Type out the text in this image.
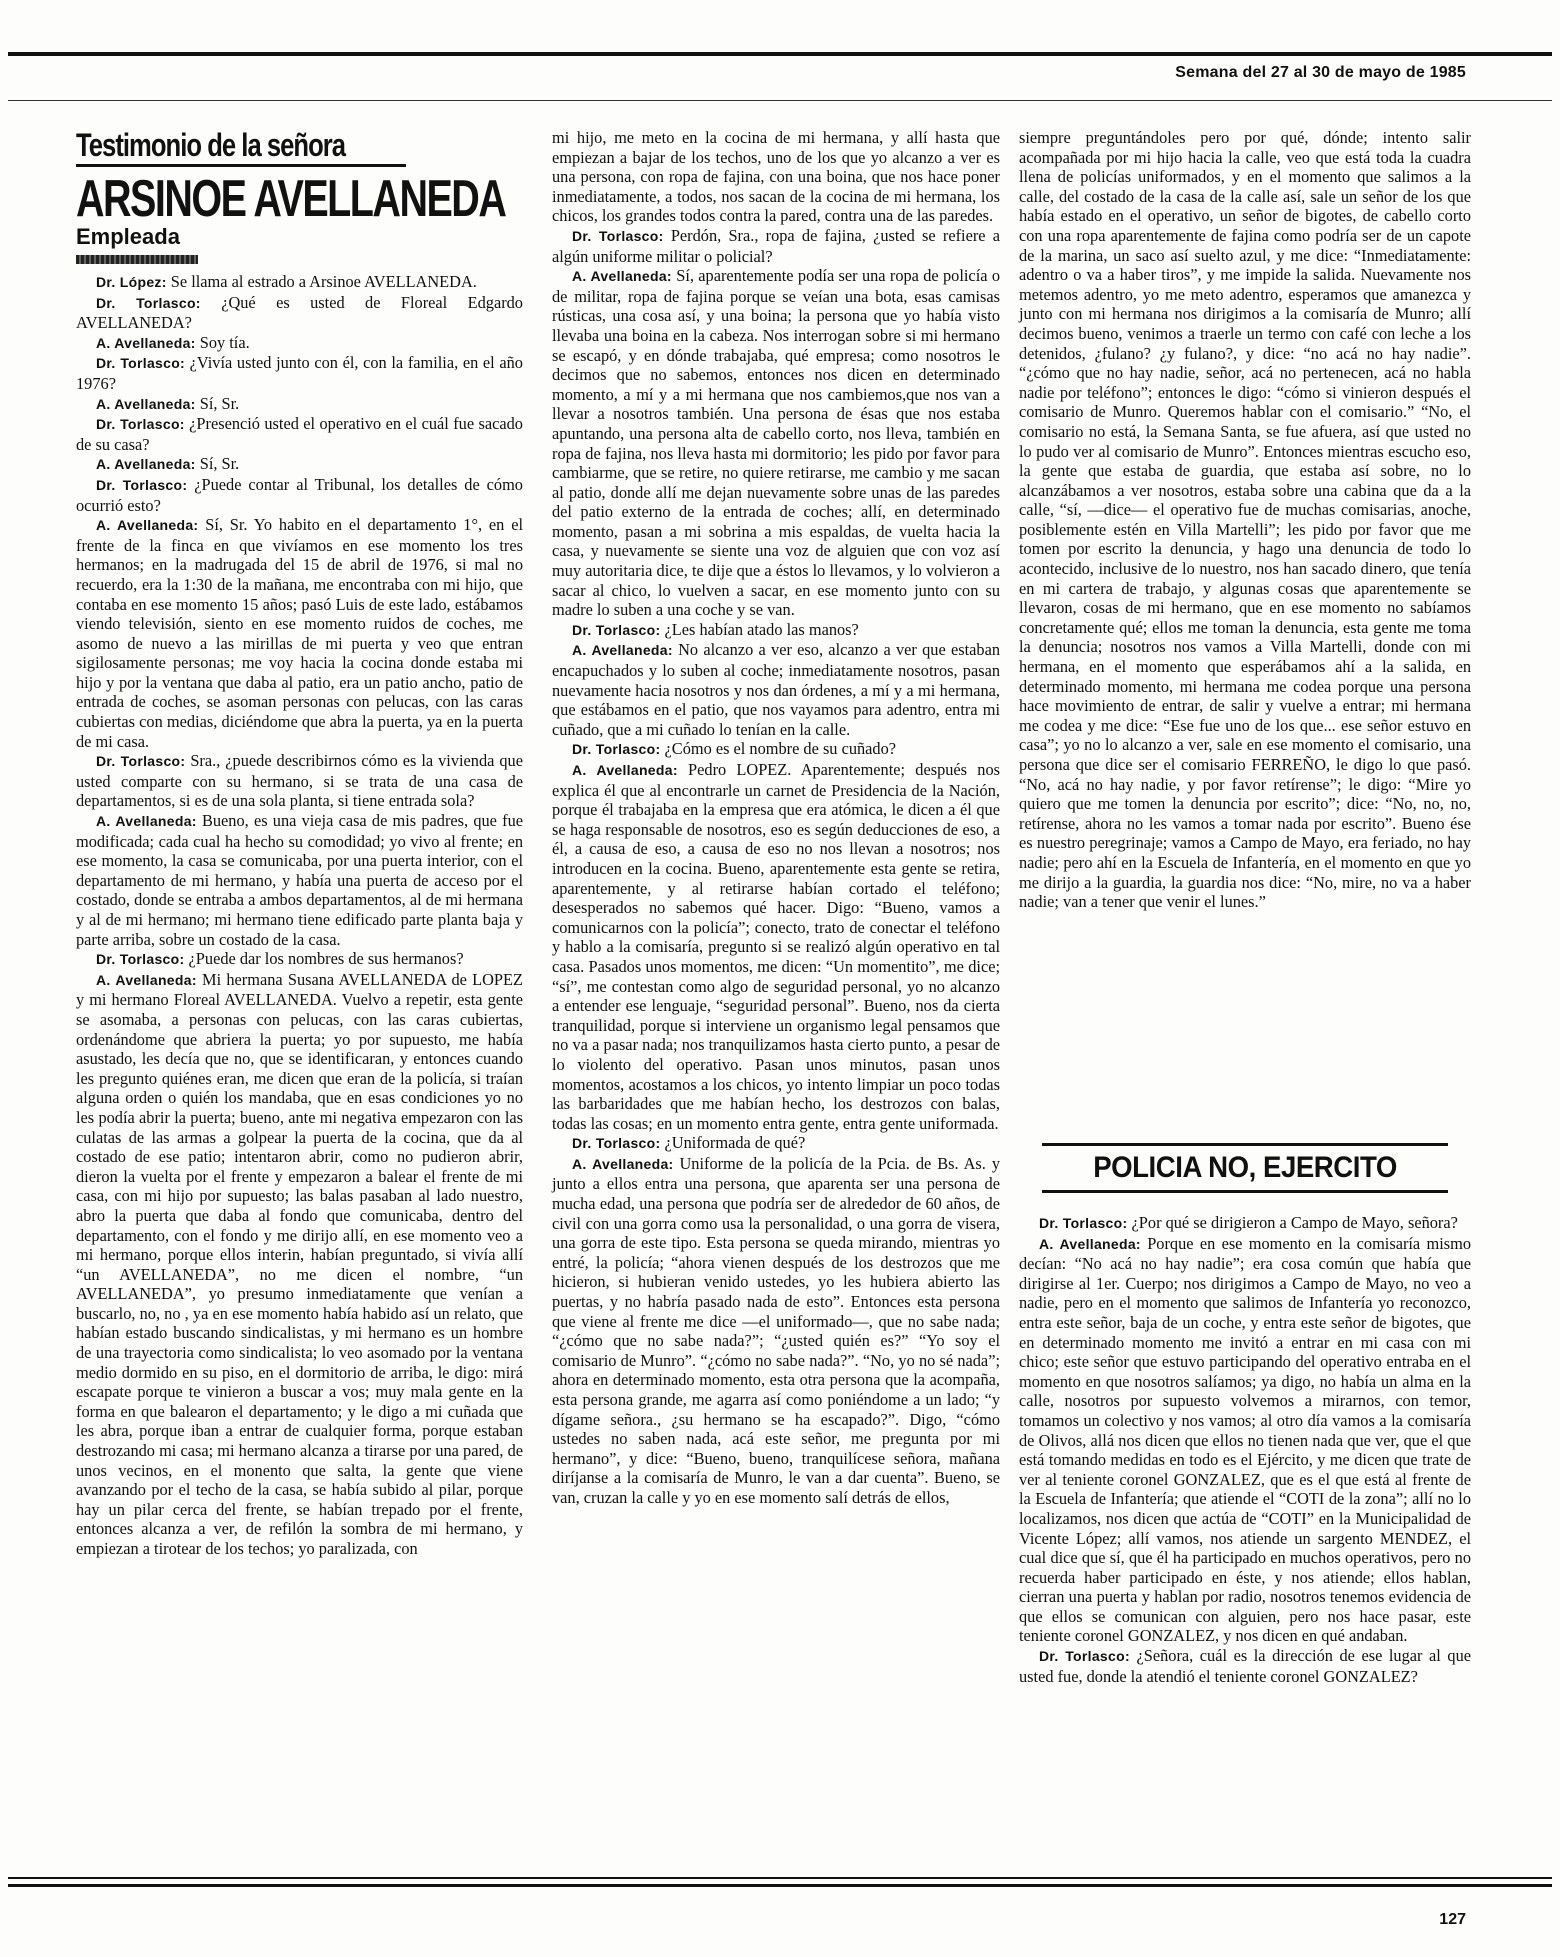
Semana del 27 al 30 de mayo de 1985
Testimonio de la señora
ARSINOE AVELLANEDA
Empleada

Dr. López: Se llama al estrado a Arsinoe AVELLANEDA.

Dr. Torlasco: ¿Qué es usted de Floreal Edgardo AVELLANEDA?

A. Avellaneda: Soy tía.

Dr. Torlasco: ¿Vivía usted junto con él, con la familia, en el año 1976?

A. Avellaneda: Sí, Sr.

Dr. Torlasco: ¿Presenció usted el operativo en el cuál fue sacado de su casa?

A. Avellaneda: Sí, Sr.

Dr. Torlasco: ¿Puede contar al Tribunal, los detalles de cómo ocurrió esto?

A. Avellaneda: Sí, Sr. Yo habito en el departamento 1°, en el frente de la finca en que vivíamos en ese momento los tres hermanos; en la madrugada del 15 de abril de 1976, si mal no recuerdo, era la 1:30 de la mañana, me encontraba con mi hijo, que contaba en ese momento 15 años; pasó Luis de este lado, estábamos viendo televisión, siento en ese momento ruidos de coches, me asomo de nuevo a las mirillas de mi puerta y veo que entran sigilosamente personas; me voy hacia la cocina donde estaba mi hijo y por la ventana que daba al patio, era un patio ancho, patio de entrada de coches, se asoman personas con pelucas, con las caras cubiertas con medias, diciéndome que abra la puerta, ya en la puerta de mi casa.

Dr. Torlasco: Sra., ¿puede describirnos cómo es la vivienda que usted comparte con su hermano, si se trata de una casa de departamentos, si es de una sola planta, si tiene entrada sola?

A. Avellaneda: Bueno, es una vieja casa de mis padres, que fue modificada; cada cual ha hecho su comodidad; yo vivo al frente; en ese momento, la casa se comunicaba, por una puerta interior, con el departamento de mi hermano, y había una puerta de acceso por el costado, donde se entraba a ambos departamentos, al de mi hermana y al de mi hermano; mi hermano tiene edificado parte planta baja y parte arriba, sobre un costado de la casa.

Dr. Torlasco: ¿Puede dar los nombres de sus hermanos?

A. Avellaneda: Mi hermana Susana AVELLANEDA de LOPEZ y mi hermano Floreal AVELLANEDA. Vuelvo a repetir, esta gente se asomaba, a personas con pelucas, con las caras cubiertas, ordenándome que abriera la puerta; yo por supuesto, me había asustado, les decía que no, que se identificaran, y entonces cuando les pregunto quiénes eran, me dicen que eran de la policía, si traían alguna orden o quién los mandaba, que en esas condiciones yo no les podía abrir la puerta; bueno, ante mi negativa empezaron con las culatas de las armas a golpear la puerta de la cocina, que da al costado de ese patio; intentaron abrir, como no pudieron abrir, dieron la vuelta por el frente y empezaron a balear el frente de mi casa, con mi hijo por supuesto; las balas pasaban al lado nuestro, abro la puerta que daba al fondo que comunicaba, dentro del departamento, con el fondo y me dirijo allí, en ese momento veo a mi hermano, porque ellos interin, habían preguntado, si vivía allí “un AVELLANEDA”, no me dicen el nombre, “un AVELLANEDA”, yo presumo inmediatamente que venían a buscarlo, no, no , ya en ese momento había habido así un relato, que habían estado buscando sindicalistas, y mi hermano es un hombre de una trayectoria como sindicalista; lo veo asomado por la ventana medio dormido en su piso, en el dormitorio de arriba, le digo: mirá escapate porque te vinieron a buscar a vos; muy mala gente en la forma en que balearon el departamento; y le digo a mi cuñada que les abra, porque iban a entrar de cualquier forma, porque estaban destrozando mi casa; mi hermano alcanza a tirarse por una pared, de unos vecinos, en el monento que salta, la gente que viene avanzando por el techo de la casa, se había subido al pilar, porque hay un pilar cerca del frente, se habían trepado por el frente, entonces alcanza a ver, de refilón la sombra de mi hermano, y empiezan a tirotear de los techos; yo paralizada, con

mi hijo, me meto en la cocina de mi hermana, y allí hasta que empiezan a bajar de los techos, uno de los que yo alcanzo a ver es una persona, con ropa de fajina, con una boina, que nos hace poner inmediatamente, a todos, nos sacan de la cocina de mi hermana, los chicos, los grandes todos contra la pared, contra una de las paredes.

Dr. Torlasco: Perdón, Sra., ropa de fajina, ¿usted se refiere a algún uniforme militar o policial?

A. Avellaneda: Sí, aparentemente podía ser una ropa de policía o de militar, ropa de fajina porque se veían una bota, esas camisas rústicas, una cosa así, y una boina; la persona que yo había visto llevaba una boina en la cabeza. Nos interrogan sobre si mi hermano se escapó, y en dónde trabajaba, qué empresa; como nosotros le decimos que no sabemos, entonces nos dicen en determinado momento, a mí y a mi hermana que nos cambiemos,que nos van a llevar a nosotros también. Una persona de ésas que nos estaba apuntando, una persona alta de cabello corto, nos lleva, también en ropa de fajina, nos lleva hasta mi dormitorio; les pido por favor para cambiarme, que se retire, no quiere retirarse, me cambio y me sacan al patio, donde allí me dejan nuevamente sobre unas de las paredes del patio externo de la entrada de coches; allí, en determinado momento, pasan a mi sobrina a mis espaldas, de vuelta hacia la casa, y nuevamente se siente una voz de alguien que con voz así muy autoritaria dice, te dije que a éstos lo llevamos, y lo volvieron a sacar al chico, lo vuelven a sacar, en ese momento junto con su madre lo suben a una coche y se van.

Dr. Torlasco: ¿Les habían atado las manos?

A. Avellaneda: No alcanzo a ver eso, alcanzo a ver que estaban encapuchados y lo suben al coche; inmediatamente nosotros, pasan nuevamente hacia nosotros y nos dan órdenes, a mí y a mi hermana, que estábamos en el patio, que nos vayamos para adentro, entra mi cuñado, que a mi cuñado lo tenían en la calle.

Dr. Torlasco: ¿Cómo es el nombre de su cuñado?

A. Avellaneda: Pedro LOPEZ. Aparentemente; después nos explica él que al encontrarle un carnet de Presidencia de la Nación, porque él trabajaba en la empresa que era atómica, le dicen a él que se haga responsable de nosotros, eso es según deducciones de eso, a él, a causa de eso, a causa de eso no nos llevan a nosotros; nos introducen en la cocina. Bueno, aparentemente esta gente se retira, aparentemente, y al retirarse habían cortado el teléfono; desesperados no sabemos qué hacer. Digo: “Bueno, vamos a comunicarnos con la policía”; conecto, trato de conectar el teléfono y hablo a la comisaría, pregunto si se realizó algún operativo en tal casa. Pasados unos momentos, me dicen: “Un momentito”, me dice; “sí”, me contestan como algo de seguridad personal, yo no alcanzo a entender ese lenguaje, “seguridad personal”. Bueno, nos da cierta tranquilidad, porque si interviene un organismo legal pensamos que no va a pasar nada; nos tranquilizamos hasta cierto punto, a pesar de lo violento del operativo. Pasan unos minutos, pasan unos momentos, acostamos a los chicos, yo intento limpiar un poco todas las barbaridades que me habían hecho, los destrozos con balas, todas las cosas; en un momento entra gente, entra gente uniformada.

Dr. Torlasco: ¿Uniformada de qué?

A. Avellaneda: Uniforme de la policía de la Pcia. de Bs. As. y junto a ellos entra una persona, que aparenta ser una persona de mucha edad, una persona que podría ser de alrededor de 60 años, de civil con una gorra como usa la personalidad, o una gorra de visera, una gorra de este tipo. Esta persona se queda mirando, mientras yo entré, la policía; “ahora vienen después de los destrozos que me hicieron, si hubieran venido ustedes, yo les hubiera abierto las puertas, y no habría pasado nada de esto”. Entonces esta persona que viene al frente me dice —el uniformado—, que no sabe nada; “¿cómo que no sabe nada?”; “¿usted quién es?” “Yo soy el comisario de Munro”. “¿cómo no sabe nada?”. “No, yo no sé nada”; ahora en determinado momento, esta otra persona que la acompaña, esta persona grande, me agarra así como poniéndome a un lado; “y dígame señora., ¿su hermano se ha escapado?”. Digo, “cómo ustedes no saben nada, acá este señor, me pregunta por mi hermano”, y dice: “Bueno, bueno, tranquilícese señora, mañana diríjanse a la comisaría de Munro, le van a dar cuenta”. Bueno, se van, cruzan la calle y yo en ese momento salí detrás de ellos,

siempre preguntándoles pero por qué, dónde; intento salir acompañada por mi hijo hacia la calle, veo que está toda la cuadra llena de policías uniformados, y en el momento que salimos a la calle, del costado de la casa de la calle así, sale un señor de los que había estado en el operativo, un señor de bigotes, de cabello corto con una ropa aparentemente de fajina como podría ser de un capote de la marina, un saco así suelto azul, y me dice: “Inmediatamente: adentro o va a haber tiros”, y me impide la salida. Nuevamente nos metemos adentro, yo me meto adentro, esperamos que amanezca y junto con mi hermana nos dirigimos a la comisaría de Munro; allí decimos bueno, venimos a traerle un termo con café con leche a los detenidos, ¿fulano? ¿y fulano?, y dice: “no acá no hay nadie”. “¿cómo que no hay nadie, señor, acá no pertenecen, acá no habla nadie por teléfono”; entonces le digo: “cómo si vinieron después el comisario de Munro. Queremos hablar con el comisario.” “No, el comisario no está, la Semana Santa, se fue afuera, así que usted no lo pudo ver al comisario de Munro”. Entonces mientras escucho eso, la gente que estaba de guardia, que estaba así sobre, no lo alcanzábamos a ver nosotros, estaba sobre una cabina que da a la calle, “sí, —dice— el operativo fue de muchas comisarias, anoche, posiblemente estén en Villa Martelli”; les pido por favor que me tomen por escrito la denuncia, y hago una denuncia de todo lo acontecido, inclusive de lo nuestro, nos han sacado dinero, que tenía en mi cartera de trabajo, y algunas cosas que aparentemente se llevaron, cosas de mi hermano, que en ese momento no sabíamos concretamente qué; ellos me toman la denuncia, esta gente me toma la denuncia; nosotros nos vamos a Villa Martelli, donde con mi hermana, en el momento que esperábamos ahí a la salida, en determinado momento, mi hermana me codea porque una persona hace movimiento de entrar, de salir y vuelve a entrar; mi hermana me codea y me dice: “Ese fue uno de los que... ese señor estuvo en casa”; yo no lo alcanzo a ver, sale en ese momento el comisario, una persona que dice ser el comisario FERREÑO, le digo lo que pasó. “No, acá no hay nadie, y por favor retírense”; le digo: “Mire yo quiero que me tomen la denuncia por escrito”; dice: “No, no, no, retírense, ahora no les vamos a tomar nada por escrito”. Bueno ése es nuestro peregrinaje; vamos a Campo de Mayo, era feriado, no hay nadie; pero ahí en la Escuela de Infantería, en el momento en que yo me dirijo a la guardia, la guardia nos dice: “No, mire, no va a haber nadie; van a tener que venir el lunes.”

POLICIA NO, EJERCITO

Dr. Torlasco: ¿Por qué se dirigieron a Campo de Mayo, señora?

A. Avellaneda: Porque en ese momento en la comisaría mismo decían: “No acá no hay nadie”; era cosa común que había que dirigirse al 1er. Cuerpo; nos dirigimos a Campo de Mayo, no veo a nadie, pero en el momento que salimos de Infantería yo reconozco, entra este señor, baja de un coche, y entra este señor de bigotes, que en determinado momento me invitó a entrar en mi casa con mi chico; este señor que estuvo participando del operativo entraba en el momento en que nosotros salíamos; ya digo, no había un alma en la calle, nosotros por supuesto volvemos a mirarnos, con temor, tomamos un colectivo y nos vamos; al otro día vamos a la comisaría de Olivos, allá nos dicen que ellos no tienen nada que ver, que el que está tomando medidas en todo es el Ejército, y me dicen que trate de ver al teniente coronel GONZALEZ, que es el que está al frente de la Escuela de Infantería; que atiende el “COTI de la zona”; allí no lo localizamos, nos dicen que actúa de “COTI” en la Municipalidad de Vicente López; allí vamos, nos atiende un sargento MENDEZ, el cual dice que sí, que él ha participado en muchos operativos, pero no recuerda haber participado en éste, y nos atiende; ellos hablan, cierran una puerta y hablan por radio, nosotros tenemos evidencia de que ellos se comunican con alguien, pero nos hace pasar, este teniente coronel GONZALEZ, y nos dicen en qué andaban.

Dr. Torlasco: ¿Señora, cuál es la dirección de ese lugar al que usted fue, donde la atendió el teniente coronel GONZALEZ?

127
